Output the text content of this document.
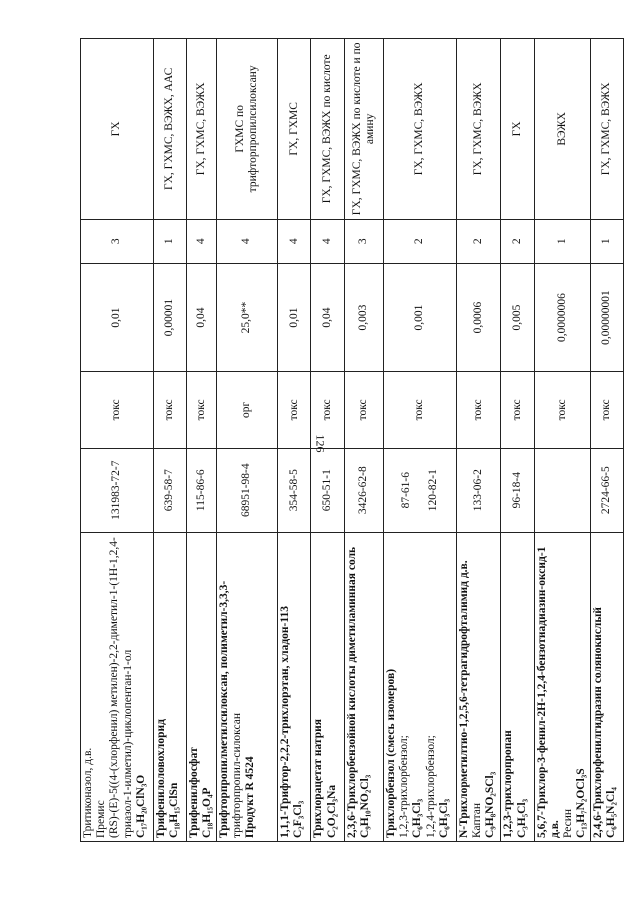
126
Тритиконазол, д.в. Премис (RS)-(E)-5((4-(хлорфенил) метилен)-2,2-диметил-1-(1H-1,2,4-триазол-1-илметил)-циклопентан-1-ол C₁₇H₂₀ClN₃O	131983-72-7	токс	0,01	3	ГХ

Трифенилоловохлорид C₁₈H₁₅ClSn	639-58-7	токс	0,00001	1	ГХ, ГХМС, ВЭЖХ, ААС

Трифенилфосфат C₁₈H₁₅O₄P	115-86-6	токс	0,04	4	ГХ, ГХМС, ВЭЖХ

Трифторпропилметилсилоксан, полиметил-3,3,3- трифторпропил-силоксан Продукт R 4524	68951-98-4	орг	25,0**	4	ГХМС по трифторпропилсилоксану

1,1,1-Трифтор-2,2,2-трихлорэтан, хладон-113 C₂F₃Cl₃	354-58-5	токс	0,01	4	ГХ, ГХМС

Трихлорацетат натрия C₂O₂Cl₃Na	650-51-1	токс	0,04	4	ГХ, ГХМС, ВЭЖХ по кислоте

2,3,6-Трихлорбензойной кислоты диметиламинная соль C₉H₁₀NO₂Cl₃	3426-62-8	токс	0,003	3	ГХ, ГХМС, ВЭЖХ по кислоте и по амину

Трихлорбензол (смесь изомеров) 1,2,3-трихлорбензол; C₆H₃Cl₃ 1,2,4-трихлорбензол; C₆H₃Cl₃	87-61-6 120-82-1	токс	0,001	2	ГХ, ГХМС, ВЭЖХ

N-Трихлорметилтио-1,2,5,6-тетрагидрофталимид д.в. Каптан C₉H₈NO₂SCl₃	133-06-2	токс	0,0006	2	ГХ, ГХМС, ВЭЖХ

1,2,3-трихлорпропан C₃H₅Cl₃	96-18-4	токс	0,005	2	ГХ

5,6,7-Трихлор-3-фенил-2H-1,2,4-бензотиадиазин-оксид-1 д.в. Ресин C₁₃H₇N₂OCl₃S		токс	0,0000006	1	ВЭЖХ

2,4,6-Трихлорфенилгидразин солянокислый C₆H₅N₂Cl₄	2724-66-5	токс	0,00000001	1	ГХ, ГХМС, ВЭЖХ
